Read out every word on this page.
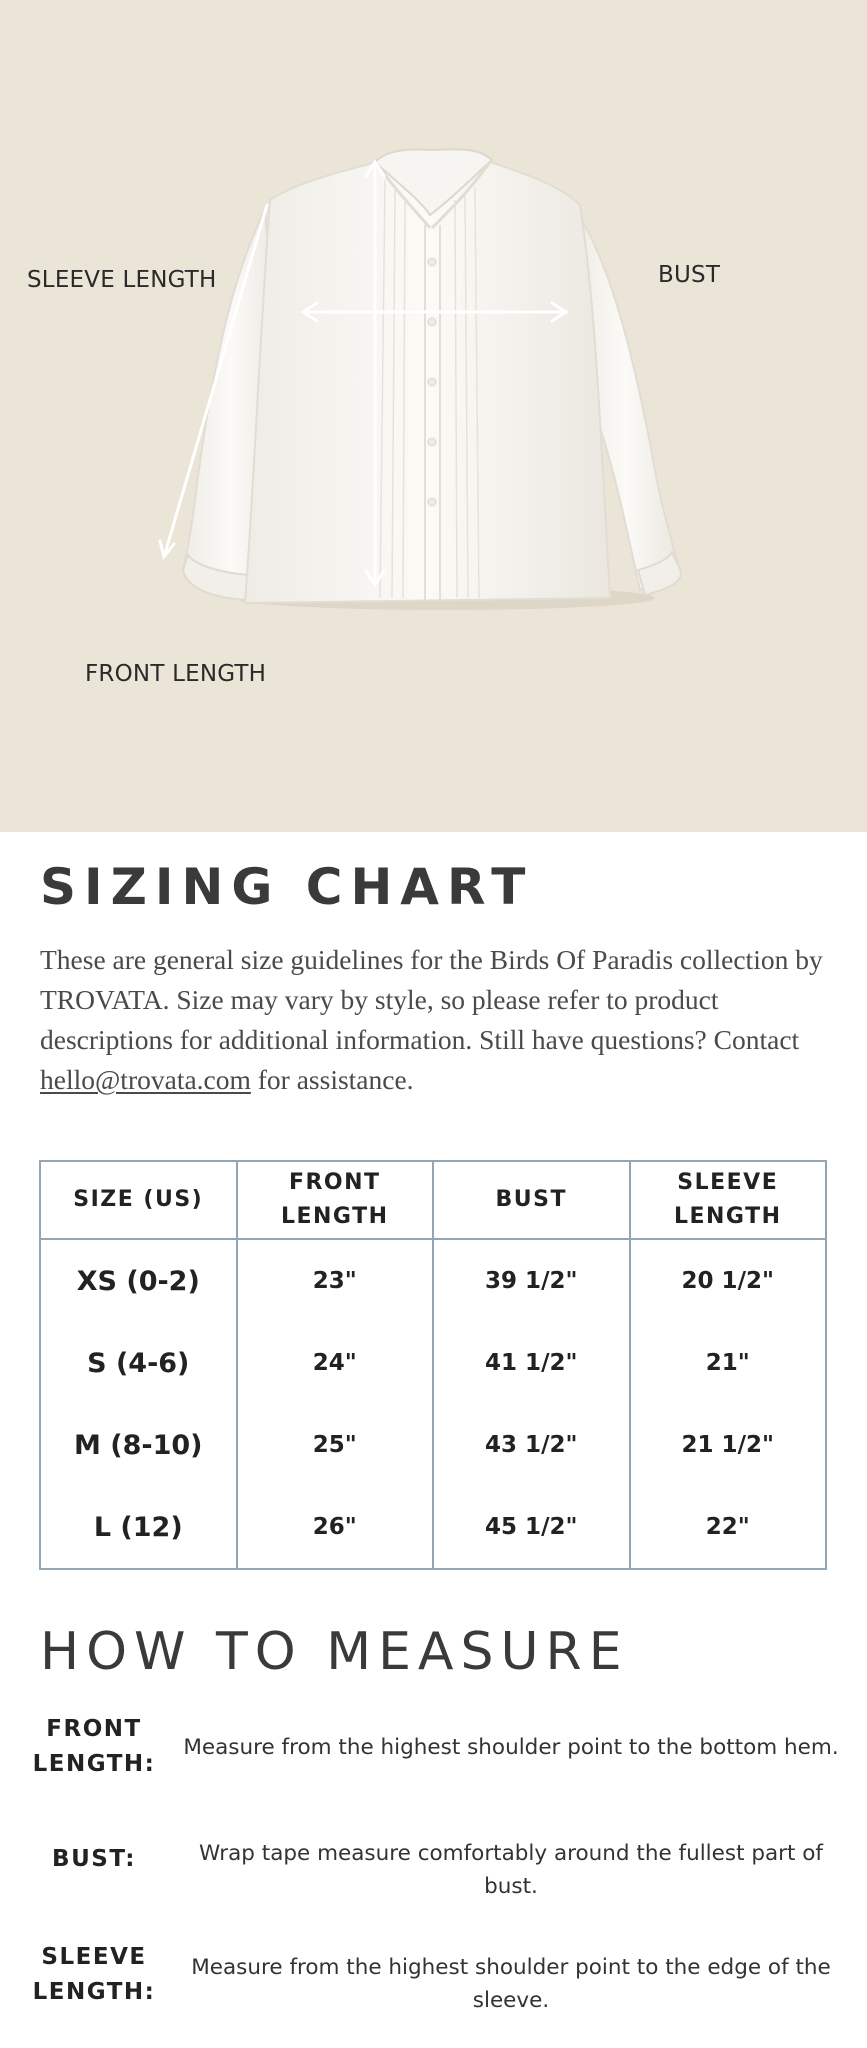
SLEEVE LENGTH	BUST
FRONT LENGTH
SIZING CHART

These are general size guidelines for the Birds Of Paradis collection by TROVATA. Size may vary by style, so please refer to product descriptions for additional information. Still have questions? Contact hello@trovata.com for assistance.

SIZE (US)	FRONT LENGTH	BUST	SLEEVE LENGTH
XS (0-2)	23"	39 1/2"	20 1/2"
S (4-6)	24"	41 1/2"	21"
M (8-10)	25"	43 1/2"	21 1/2"
L (12)	26"	45 1/2"	22"
HOW TO MEASURE
FRONT LENGTH:
Measure from the highest shoulder point to the bottom hem.
BUST:	Wrap tape measure comfortably around the fullest part of bust.
SLEEVE LENGTH:
Measure from the highest shoulder point to the edge of the sleeve.
